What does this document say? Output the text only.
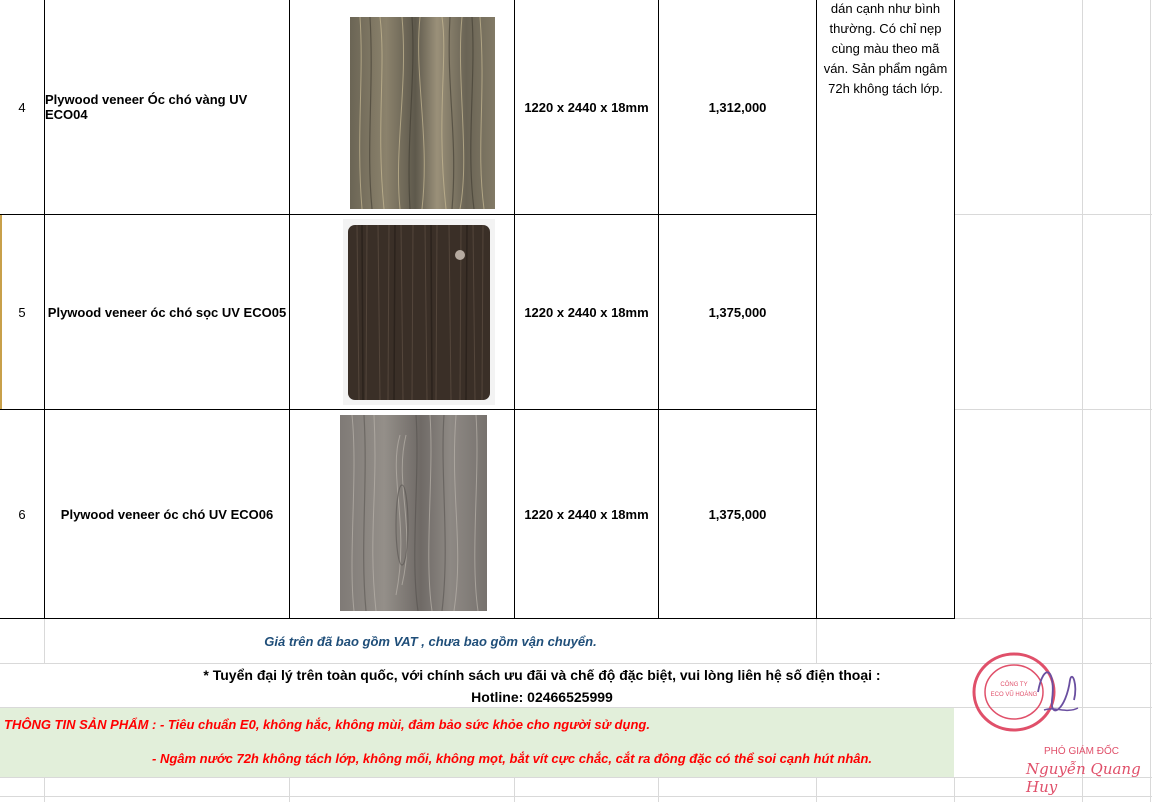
4	Plywood veneer Óc chó vàng UV ECO04	1220 x 2440 x 18mm	1,312,000
dán cạnh như bình
thường. Có chỉ nẹp
cùng màu theo mã
ván. Sản phẩm ngâm
72h không tách lớp.
5	Plywood veneer óc chó sọc UV ECO05	1220 x 2440 x 18mm	1,375,000
6	Plywood veneer óc chó UV ECO06	1220 x 2440 x 18mm	1,375,000
Giá trên đã bao gồm VAT , chưa bao gồm vận chuyển.
* Tuyển đại lý trên toàn quốc, với chính sách ưu đãi và chế độ đặc biệt, vui lòng liên hệ số điện thoại :
Hotline: 02466525999
THÔNG TIN SẢN PHẨM : - Tiêu chuẩn E0, không hắc, không mùi, đảm bảo sức khỏe cho người sử dụng.
- Ngâm nước 72h không tách lớp, không mối, không mọt, bắt vít cực chắc, cắt ra đông đặc có thể soi cạnh hút nhân.
CÔNG TY
ECO VŨ HOÀNG
PHÓ GIÁM ĐỐC
Nguyễn Quang Huy
